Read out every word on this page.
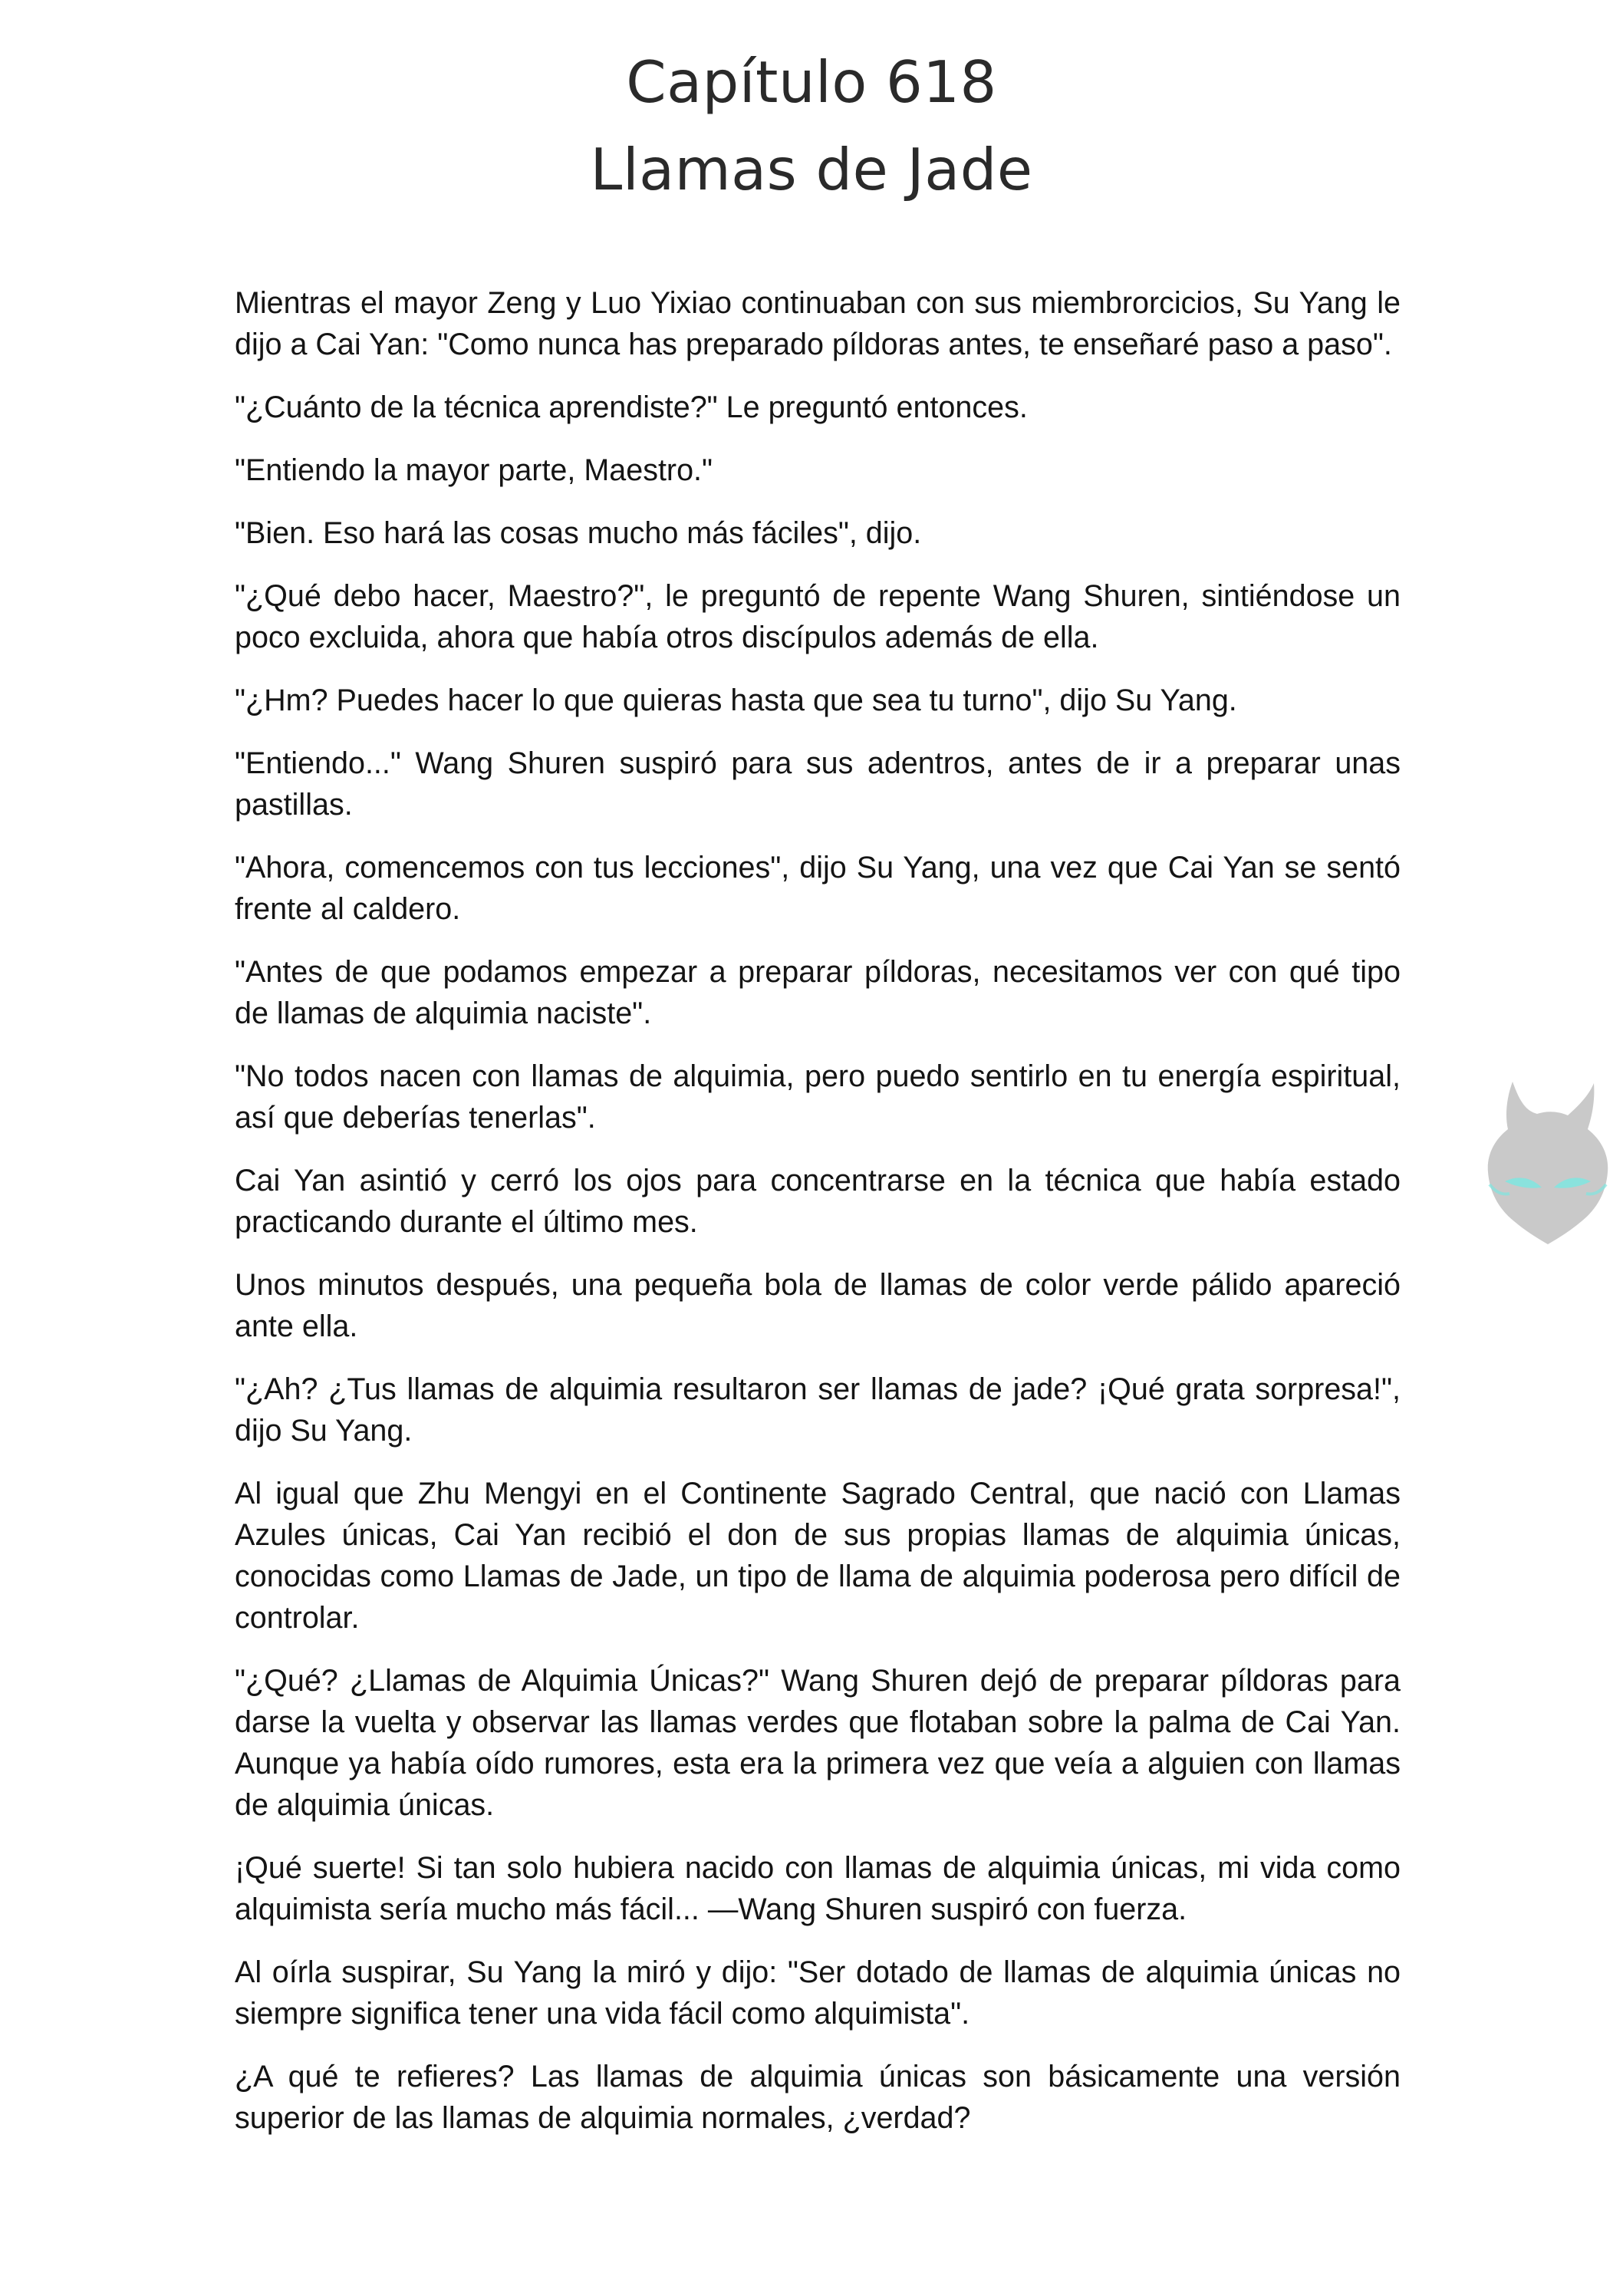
Capítulo 618
Llamas de Jade

Mientras el mayor Zeng y Luo Yixiao continuaban con sus miembrorcicios, Su Yang le dijo a Cai Yan: "Como nunca has preparado píldoras antes, te enseñaré paso a paso".

"¿Cuánto de la técnica aprendiste?" Le preguntó entonces.

"Entiendo la mayor parte, Maestro."

"Bien. Eso hará las cosas mucho más fáciles", dijo.

"¿Qué debo hacer, Maestro?", le preguntó de repente Wang Shuren, sintiéndose un poco excluida, ahora que había otros discípulos además de ella.

"¿Hm? Puedes hacer lo que quieras hasta que sea tu turno", dijo Su Yang.

"Entiendo..." Wang Shuren suspiró para sus adentros, antes de ir a preparar unas pastillas.

"Ahora, comencemos con tus lecciones", dijo Su Yang, una vez que Cai Yan se sentó frente al caldero.

"Antes de que podamos empezar a preparar píldoras, necesitamos ver con qué tipo de llamas de alquimia naciste".

"No todos nacen con llamas de alquimia, pero puedo sentirlo en tu energía espiritual, así que deberías tenerlas".

Cai Yan asintió y cerró los ojos para concentrarse en la técnica que había estado practicando durante el último mes.

Unos minutos después, una pequeña bola de llamas de color verde pálido apareció ante ella.

"¿Ah? ¿Tus llamas de alquimia resultaron ser llamas de jade? ¡Qué grata sorpresa!", dijo Su Yang.

Al igual que Zhu Mengyi en el Continente Sagrado Central, que nació con Llamas Azules únicas, Cai Yan recibió el don de sus propias llamas de alquimia únicas, conocidas como Llamas de Jade, un tipo de llama de alquimia poderosa pero difícil de controlar.

"¿Qué? ¿Llamas de Alquimia Únicas?" Wang Shuren dejó de preparar píldoras para darse la vuelta y observar las llamas verdes que flotaban sobre la palma de Cai Yan. Aunque ya había oído rumores, esta era la primera vez que veía a alguien con llamas de alquimia únicas.

¡Qué suerte! Si tan solo hubiera nacido con llamas de alquimia únicas, mi vida como alquimista sería mucho más fácil... —Wang Shuren suspiró con fuerza.

Al oírla suspirar, Su Yang la miró y dijo: "Ser dotado de llamas de alquimia únicas no siempre significa tener una vida fácil como alquimista".

¿A qué te refieres? Las llamas de alquimia únicas son básicamente una versión superior de las llamas de alquimia normales, ¿verdad?
